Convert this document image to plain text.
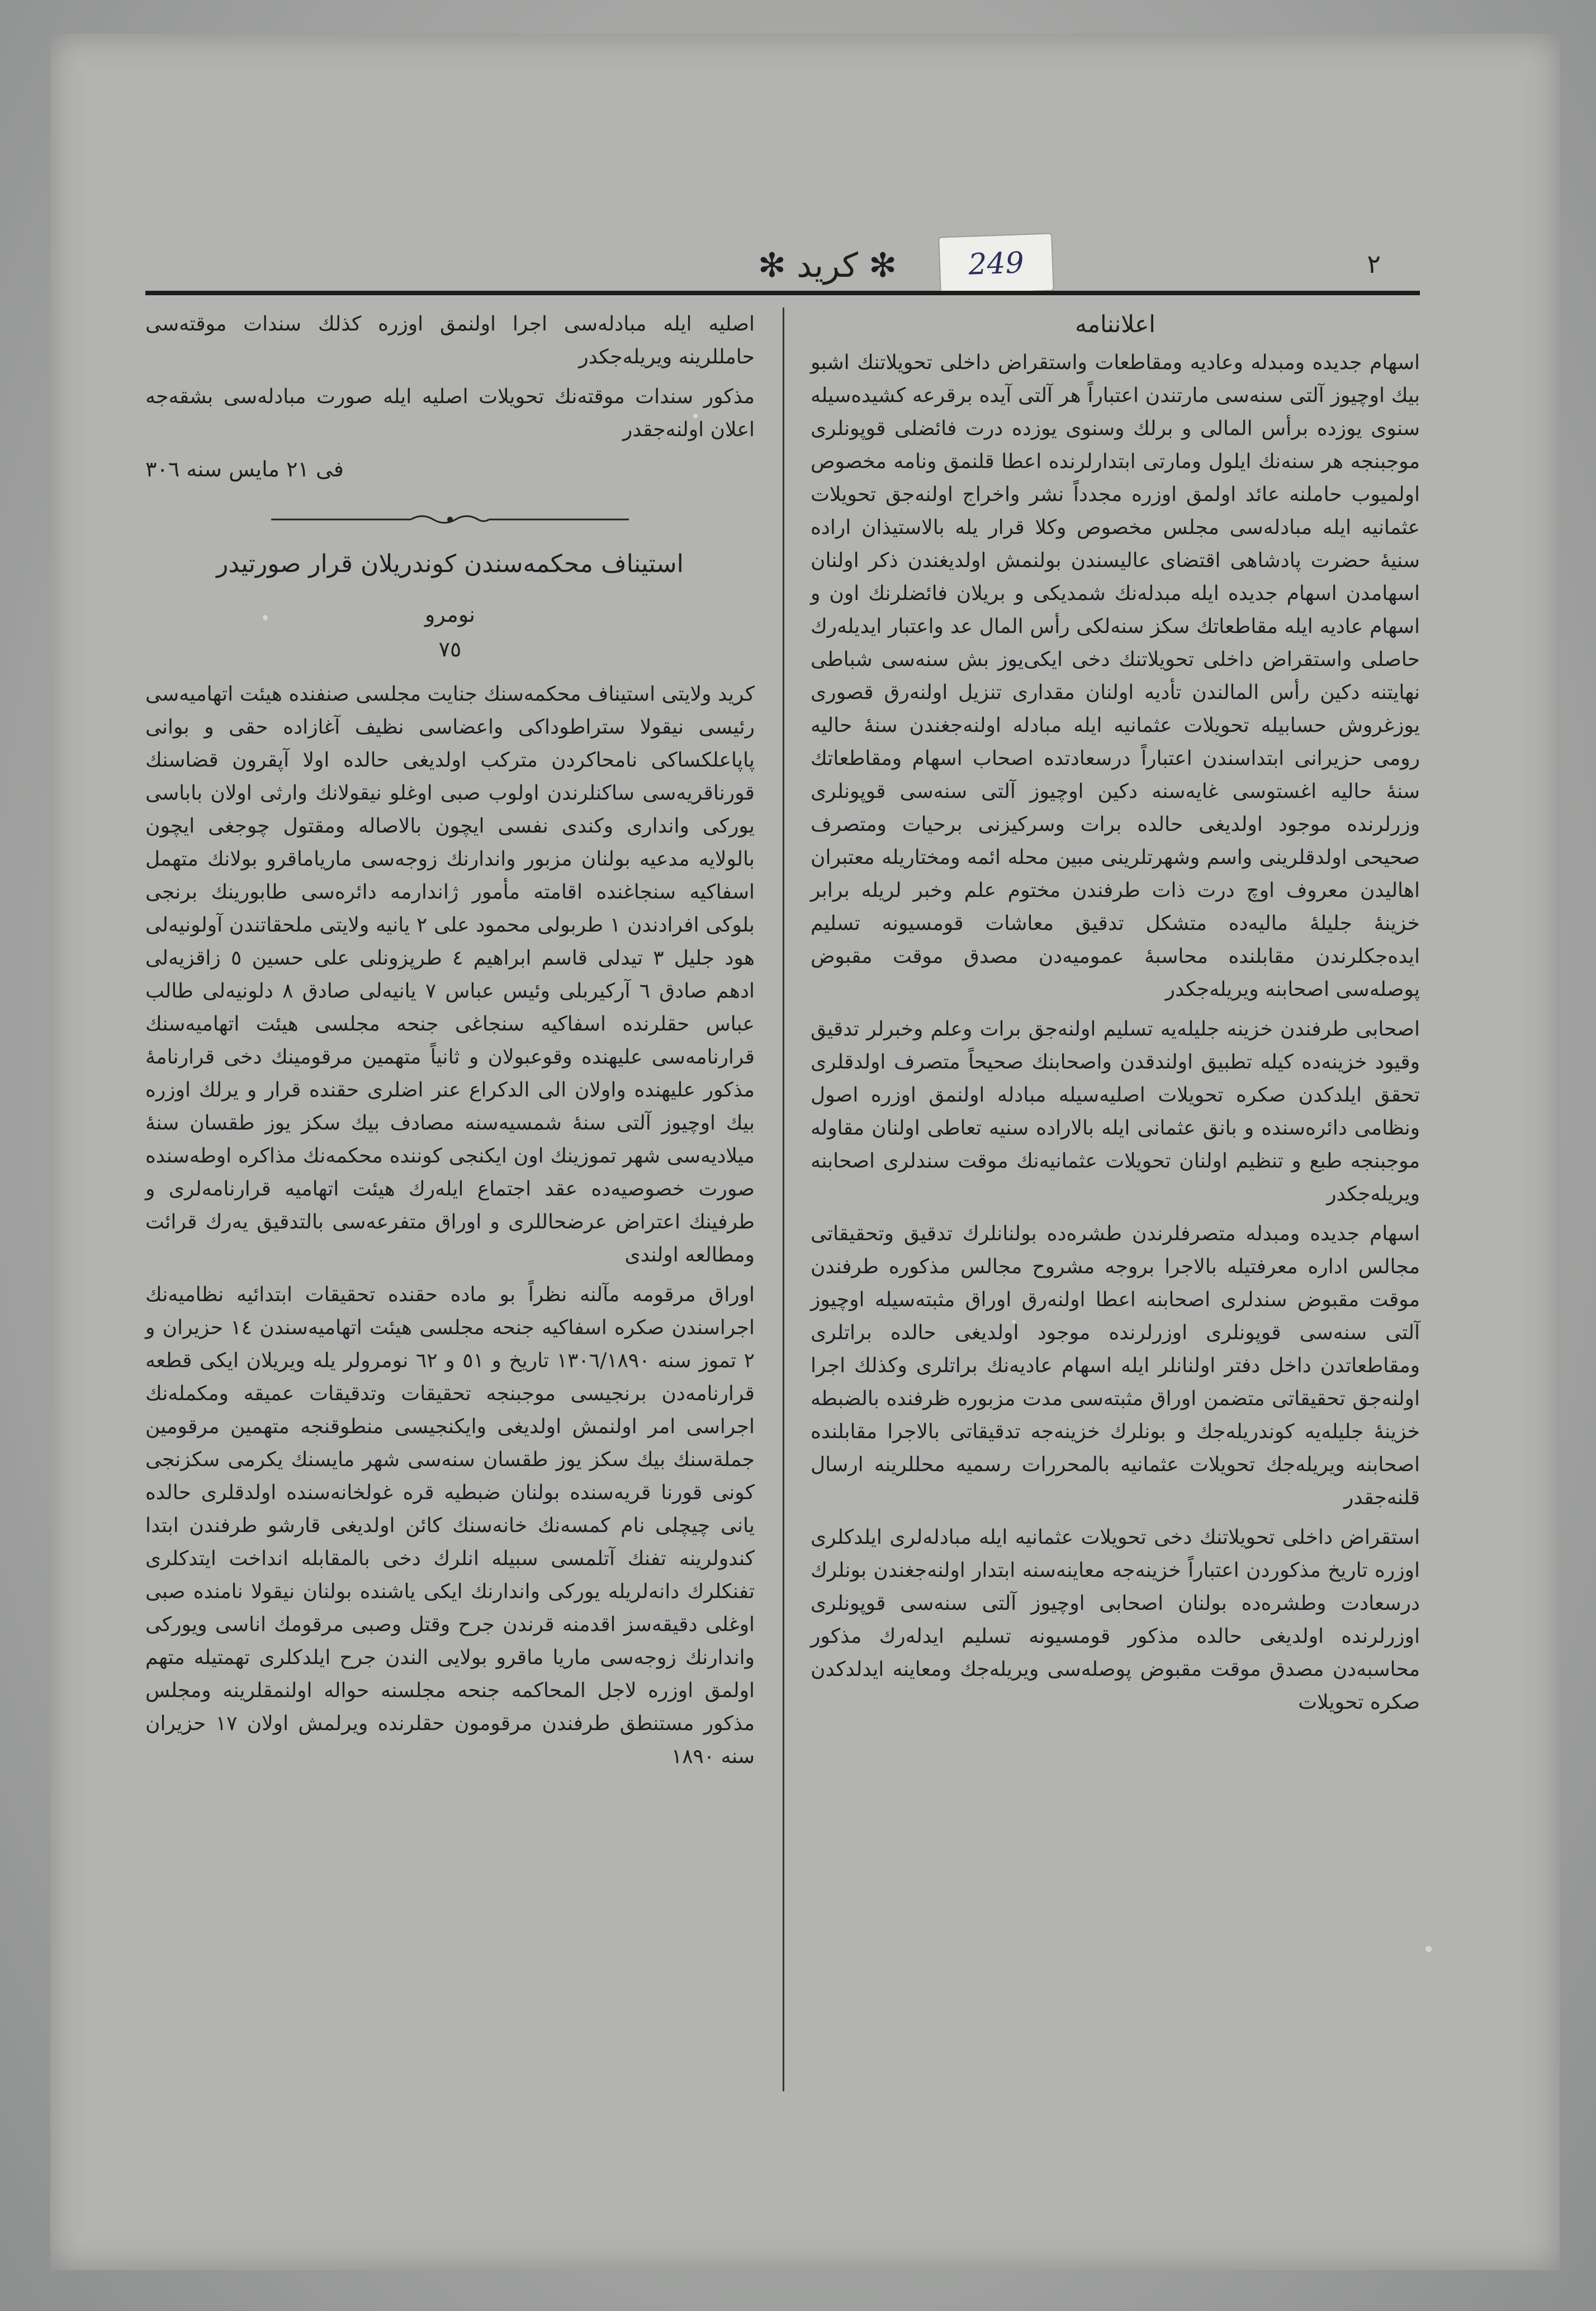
٢
✻ کريد ✻	249
اعلاننامه

اسهام جديده ومبدله وعاديه ومقاطعات واستقراض داخلى تحويلاتنك اشبو بيك اوچيوز آلتى سنه‌سى مارتندن اعتباراً هر آلتى آيده برقرعه كشيده‌سيله سنوى يوزده برأس المالى و برلك وسنوى يوزده درت فائضلى قوپونلرى موجبنجه هر سنه‌نك ايلول ومارتى ابتدارلرنده اعطا قلنمق ونامه مخصوص اولميوب حاملنه عائد اولمق اوزره مجدداً نشر واخراج اولنه‌جق تحويلات عثمانيه ايله مبادله‌سى مجلس مخصوص وكلا قرار يله بالاستيذان اراده‌ سنيهٔ حضرت پادشاهى اقتضاى عاليسندن بولنمش اولديغندن ذكر اولنان اسهامدن اسهام جديده ايله مبدله‌نك شمديكى و بريلان فائضلرنك اون و اسهام عاديه ايله مقاطعاتك سكز سنه‌لكى رأس المال عد واعتبار ايديله‌رك حاصلى واستقراض داخلى تحويلاتنك دخى ايكى‌يوز بش سنه‌سى شباطى نهايتنه دكين رأس المالندن تأديه اولنان مقدارى تنزيل اولنه‌رق قصورى يوزغروش حسابيله تحويلات عثمانيه ايله مبادله اولنه‌جغندن سنهٔ حاليه رومى حزيرانى ابتداسندن اعتباراً درسعادتده اصحاب اسهام ومقاطعاتك سنهٔ حاليه اغستوسى غايه‌سنه دكين اوچيوز آلتى سنه‌سى قوپونلرى وزرلرنده موجود اولديغى حالده برات وسركيزنى برحيات ومتصرف صحيحى اولدقلرينى واسم وشهرتلرينى مبين محله ائمه ومختاريله معتبران اهاليدن معروف اوچ درت ذات طرفندن مختوم علم وخبر لريله برابر خزينهٔ جليلهٔ ماليه‌ده متشكل تدقيق معاشات قومسيونه تسليم ايده‌جكلرندن مقابلنده محاسبهٔ عموميه‌دن مصدق موقت مقبوض پوصله‌سى اصحابنه ويريله‌جكدر

اصحابى طرفندن خزينه‌ جليله‌يه تسليم اولنه‌جق برات وعلم وخبرلر تدقيق وقيود خزينه‌ده‌ كيله تطبيق اولندقدن واصحابنك صحيحاً متصرف اولدقلرى تحقق ايلدكدن صكره تحويلات اصليه‌سيله مبادله اولنمق اوزره اصول ونظامى دائره‌سنده و بانق عثمانى ايله بالاراده سنيه تعاطى اولنان مقاوله موجبنجه طبع و تنظيم اولنان تحويلات عثمانيه‌نك موقت سندلرى اصحابنه ويريله‌جكدر

اسهام جديده ومبدله متصرفلرندن طشره‌ده بولنانلرك تدقيق وتحقيقاتى مجالس اداره معرفتيله بالاجرا بروجه مشروح مجالس مذكوره طرفندن موقت مقبوض سندلرى اصحابنه اعطا اولنه‌رق اوراق مثبته‌سيله اوچيوز آلتى سنه‌سى قوپونلرى اوزرلرنده موجود اولديغى حالده براتلرى ومقاطعاتدن داخل دفتر اولنانلر ايله اسهام عاديه‌نك براتلرى وكذلك اجرا اولنه‌جق تحقيقاتى متضمن اوراق مثبته‌سى مدت مزبوره ظرفنده بالضبطه خزينهٔ جليله‌يه كوندريله‌جك و بونلرك خزينه‌جه تدقيقاتى بالاجرا مقابلنده اصحابنه ويريله‌جك تحويلات عثمانيه بالمحررات رسميه محللرينه ارسال قلنه‌جقدر

استقراض داخلى تحويلاتنك دخى تحويلات عثمانيه ايله مبادله‌لرى ايلدكلرى اوزره تاريخ مذكوردن اعتباراً خزينه‌جه معاينه‌سنه ابتدار اولنه‌جغندن بونلرك درسعادت وطشره‌ده بولنان اصحابى اوچيوز آلتى سنه‌سى قوپونلرى اوزرلرنده اولديغى حالده مذكور قومسيونه تسليم ايدله‌رك مذكور محاسبه‌دن مصدق موقت مقبوض پوصله‌سى ويريله‌جك ومعاينه ايدلدكدن صكره تحويلات

اصليه ايله مبادله‌سى اجرا اولنمق اوزره كذلك سندات موقته‌سى حامللرينه ويريله‌جكدر

مذكور سندات موقته‌نك تحويلات اصليه ايله صورت مبادله‌سى بشقه‌جه اعلان اولنه‌جقدر

فى ٢١ مايس سنه ٣٠٦
استيناف محكمه‌سندن كوندريلان قرار صورتيدر
نومرو
٧٥

كريد ولايتى استيناف محكمه‌سنك جنايت مجلسى صنفنده هيئت اتهاميه‌سى رئيسى نيقولا ستراطوداكى واعضاسى نظيف آغازاده حقى و بوانى پاپاعلكساكى نامحاكردن متركب اولديغى حالده اولا آپقرون قضاسنك قورناقريه‌سى ساكنلرندن اولوب صبى اوغلو نيقولانك وارثى اولان باباسى يوركى واندارى وكندى نفسى ايچون بالاصاله ومقتول چوجغى ايچون بالولايه مدعيه بولنان مزبور واندارنك زوجه‌سى مارياماقرو بولانك متهمل اسفاكيه سنجاغنده اقامته مأمور ژاندارمه دائره‌سى طابورينك برنجى بلوكى افرادندن ١ طربولى محمود على ٢ يانيه ولايتى ملحقاتندن آولونيه‌لى هود جليل ٣ تيدلى قاسم ابراهيم ٤ طرپزونلى على حسين ٥ زاقزيه‌لى ادهم صادق ٦ آركيربلى وئيس عباس ٧ يانيه‌لى صادق ٨ دلونيه‌لى طالب عباس حقلرنده اسفاكيه سنجاغى جنحه مجلسى هيئت اتهاميه‌سنك قرارنامه‌سى عليهنده وقوعبولان و ثانياً متهمين مرقومينك دخى قرارنامهٔ مذكور عليهنده واولان الى الدكراع عنر اضلرى حقنده قرار و يرلك اوزره بيك اوچيوز آلتى سنهٔ شمسيه‌سنه مصادف بيك سكز يوز طقسان سنهٔ ميلاديه‌سى شهر تموزينك اون ايكنجى كوننده محكمه‌نك مذاكره اوطه‌سنده صورت خصوصيه‌ده عقد اجتماع ايله‌رك هيئت اتهاميه قرارنامه‌لرى و طرفينك اعتراض عرضحاللرى و اوراق متفرعه‌سى بالتدقيق يه‌رك قرائت ومطالعه اولندى

اوراق مرقومه مآلنه نظراً بو ماده حقنده تحقيقات ابتدائيه نظاميه‌نك اجراسندن صكره اسفاكيه جنحه مجلسى هيئت اتهاميه‌سندن ١٤ حزيران و ٢ تموز سنه ١٣٠٦/١٨٩٠ تاريخ و ٥١ و ٦٢ نومرولر يله ويريلان ايكى قطعه قرارنامه‌دن برنجيسى موجبنجه تحقيقات وتدقيقات عميقه ومكمله‌نك اجراسى امر اولنمش اولديغى وايكنجيسى منطوقنجه متهمين مرقومين جملة‌سنك بيك سكز يوز طقسان سنه‌سى شهر مايسنك يكرمى سكزنجى كونى قورنا قريه‌سنده بولنان ضبطيه قره غولخانه‌سنده اولدقلرى حالده يانى چيچلى نام كمسه‌نك خانه‌سنك كائن اولديغى قارشو طرفندن ابتدا كندولرينه تفنك آتلمسى سبيله انلرك دخى بالمقابله انداخت ايتدكلرى تفنكلرك دانه‌لريله يوركى واندارنك ايكى ياشنده بولنان نيقولا نامنده صبى اوغلى دقيقه‌سز اقدمنه قرندن جرح وقتل وصبى مرقومك اناسى ويوركى واندارنك زوجه‌سى ماريا ماقرو بولايى الندن جرح ايلدكلرى تهمتيله متهم اولمق اوزره لاجل المحاكمه جنحه مجلسنه حواله اولنمقلرينه ومجلس مذكور مستنطق طرفندن مرقومون حقلرنده ويرلمش اولان ١٧ حزيران سنه ١٨٩٠
